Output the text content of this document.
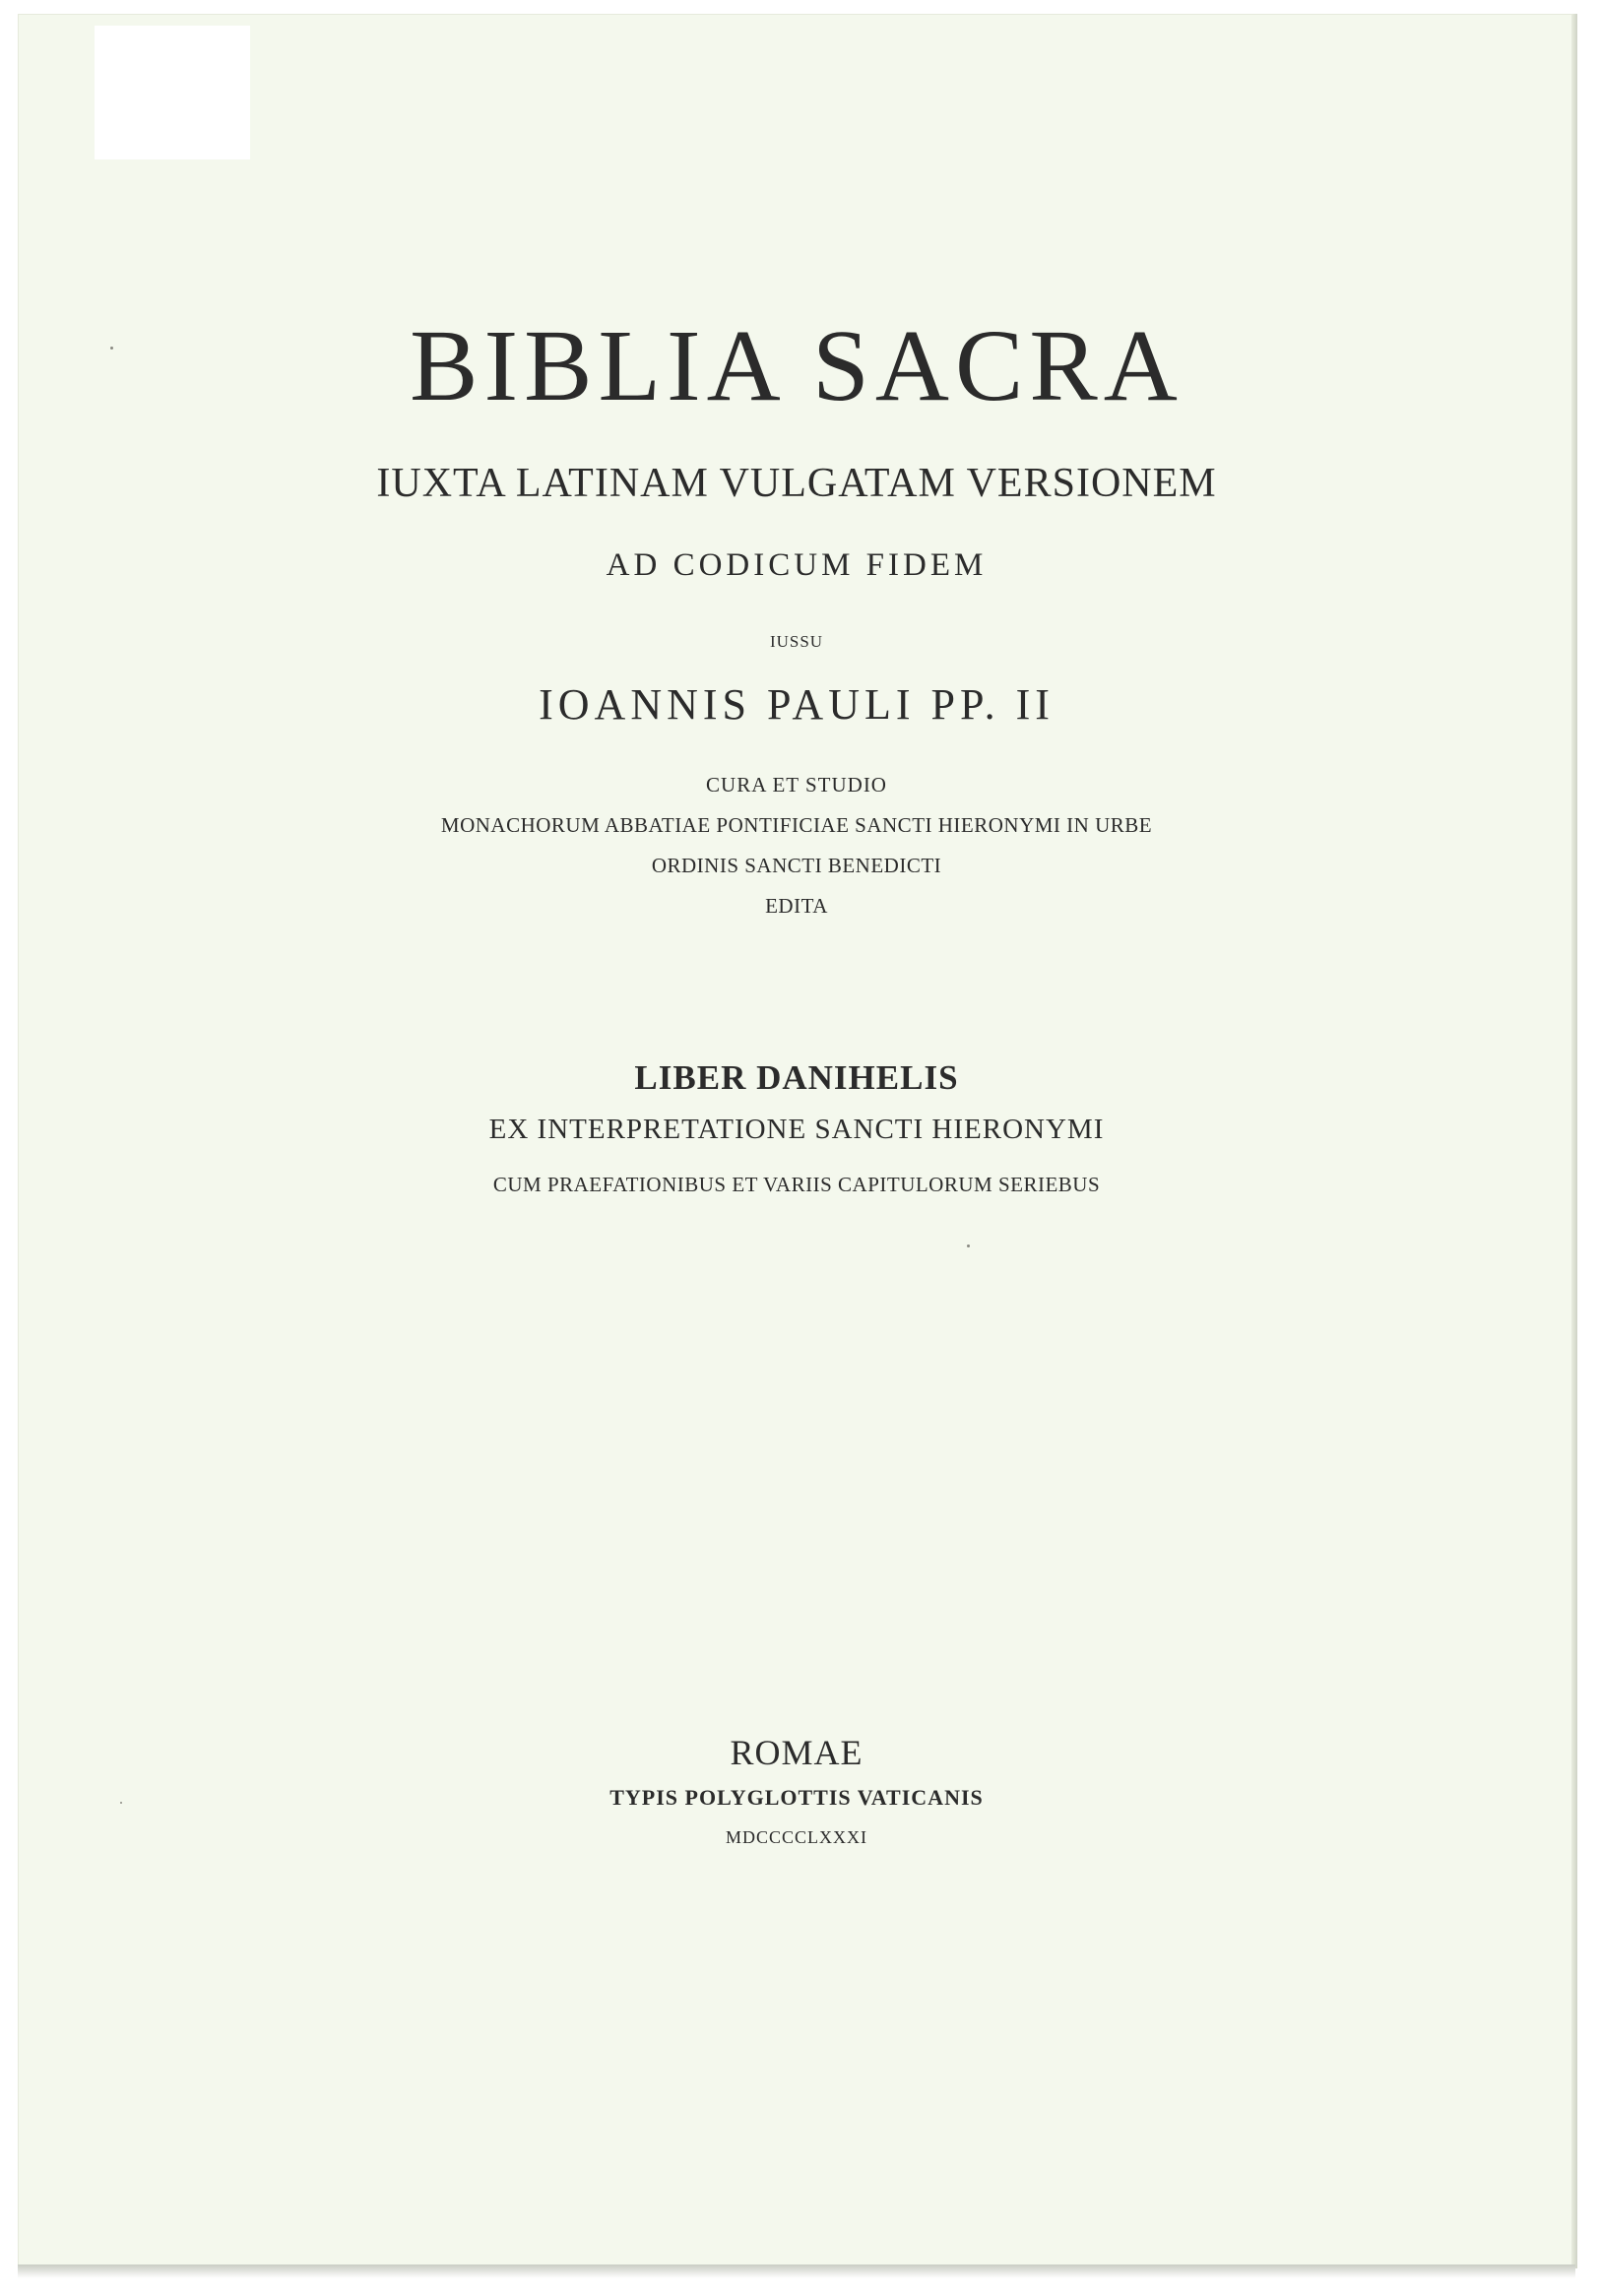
BIBLIA SACRA
IUXTA LATINAM VULGATAM VERSIONEM
AD CODICUM FIDEM
IUSSU
IOANNIS PAULI PP. II
CURA ET STUDIO
MONACHORUM ABBATIAE PONTIFICIAE SANCTI HIERONYMI IN URBE
ORDINIS SANCTI BENEDICTI
EDITA
LIBER DANIHELIS
EX INTERPRETATIONE SANCTI HIERONYMI
CUM PRAEFATIONIBUS ET VARIIS CAPITULORUM SERIEBUS
ROMAE
TYPIS POLYGLOTTIS VATICANIS
MDCCCCLXXXI
